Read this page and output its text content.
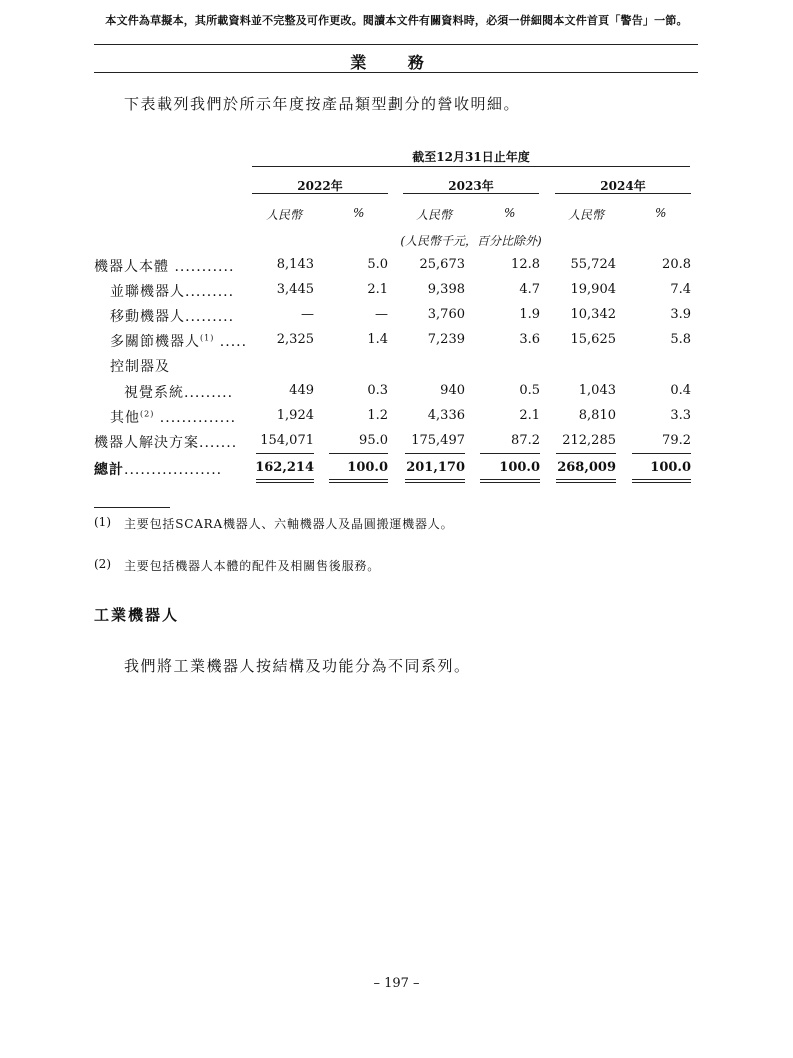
本文件為草擬本，其所載資料並不完整及可作更改。閱讀本文件有關資料時，必須一併細閱本文件首頁「警告」一節。
業 務
下表載列我們於所示年度按產品類型劃分的營收明細。
截至12月31日止年度
2022年	2023年	2024年
人民幣	%	人民幣	%	人民幣	%
(人民幣千元，百分比除外)
機器人本體 ...........	8,143	5.0	25,673	12.8	55,724	20.8
並聯機器人.........	3,445	2.1	9,398	4.7	19,904	7.4
移動機器人.........	—	—	3,760	1.9	10,342	3.9
多關節機器人$^{(1)}$ .....	2,325	1.4	7,239	3.6	15,625	5.8
控制器及
視覺系統.........	449	0.3	940	0.5	1,043	0.4
其他$^{(2)}$ ..............	1,924	1.2	4,336	2.1	8,810	3.3
機器人解決方案.......	154,071	95.0	175,497	87.2	212,285	79.2
總計..................	162,214	100.0 201,170	100.0 268,009	100.0
(1) 主要包括SCARA機器人、六軸機器人及晶圓搬運機器人。
(2) 主要包括機器人本體的配件及相關售後服務。
工業機器人
我們將工業機器人按結構及功能分為不同系列。
– 197 –
